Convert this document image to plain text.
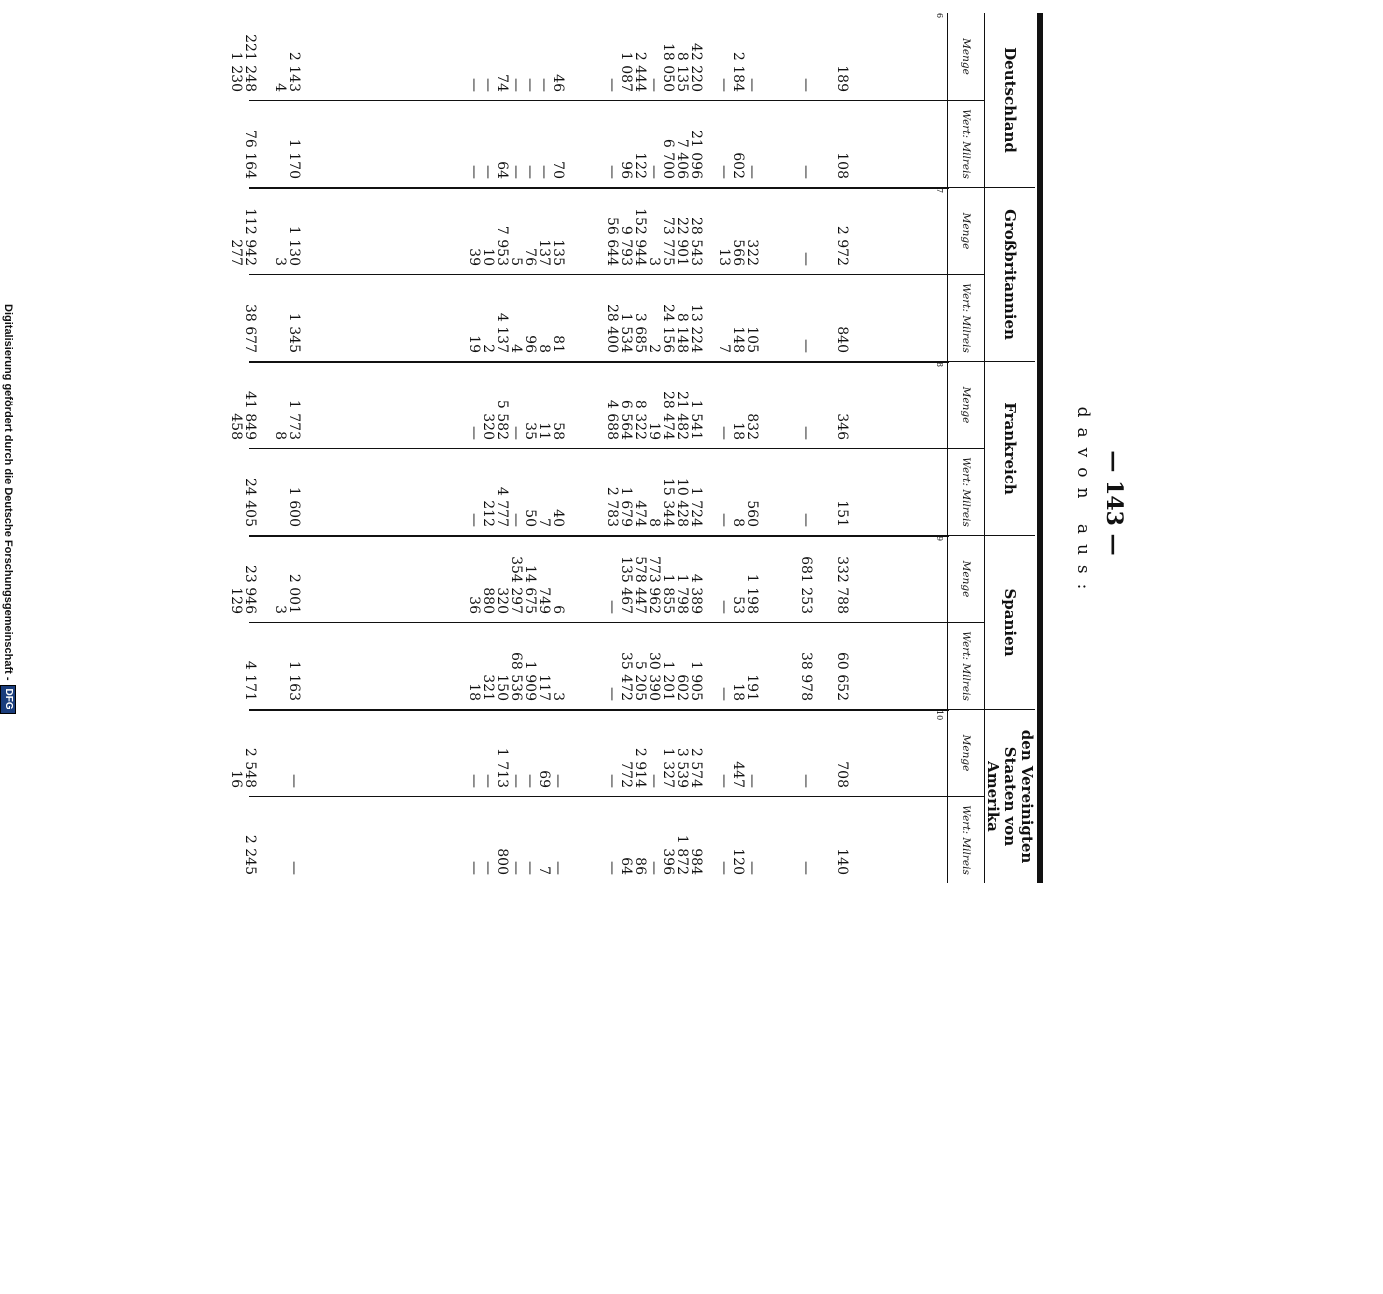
Digitalisierung gefördert durch die Deutsche Forschungsgemeinschaft -
DFG
— 143 —
davon aus:
Deutschland
Großbritannien
Frankreich
Spanien
den Vereinigten Staaten von Amerika
Menge
6
Wert: Milreis
Menge
7
Wert: Milreis
Menge
8
Wert: Milreis
Menge
9
Wert: Milreis
Menge
10
Wert: Milreis
189
108
2 972
840
346
151
332 788
60 652
708
140
—
—
—
—
—
—
681 253
38 978
—
—
—
—
322
105
832
560
1 198
191
—
—
2 184
602
566
148
18
8
53
18
447
120
—
—
13
7
—
—
—
—
—
—
42 220
21 096
28 543
13 224
1 541
1 724
4 389
1 905
2 574
984
8 135
7 406
22 901
8 148
21 482
10 428
1 798
602
3 539
1 872
18 050
6 700
73 775
24 156
28 474
15 344
1 855
1 201
1 327
396
—
—
3
2
19
8
773 962
30 390
—
—
2 444
122
152 944
3 685
8 322
474
578 447
5 205
2 914
86
1 087
96
9 793
1 534
6 564
1 679
135 467
35 472
772
64
—
—
56 644
28 400
4 688
2 783
—
—
—
—
46
70
135
81
58
40
6
3
—
—
—
—
137
8
11
7
749
117
69
7
—
—
76
96
35
50
14 675
1 909
—
—
—
—
5
4
—
—
354 297
68 536
—
—
74
64
7 953
4 137
5 582
4 777
320
150
1 713
800
—
—
10
2
320
212
880
321
—
—
—
—
39
19
—
—
36
18
—
—
2 143
1 170
1 130
1 345
1 773
1 600
2 001
1 163
—
—
4
3
8
3
221 248
76 164
112 942
38 677
41 849
24 405
23 946
4 171
2 548
2 245
1 230
277
458
129
16
